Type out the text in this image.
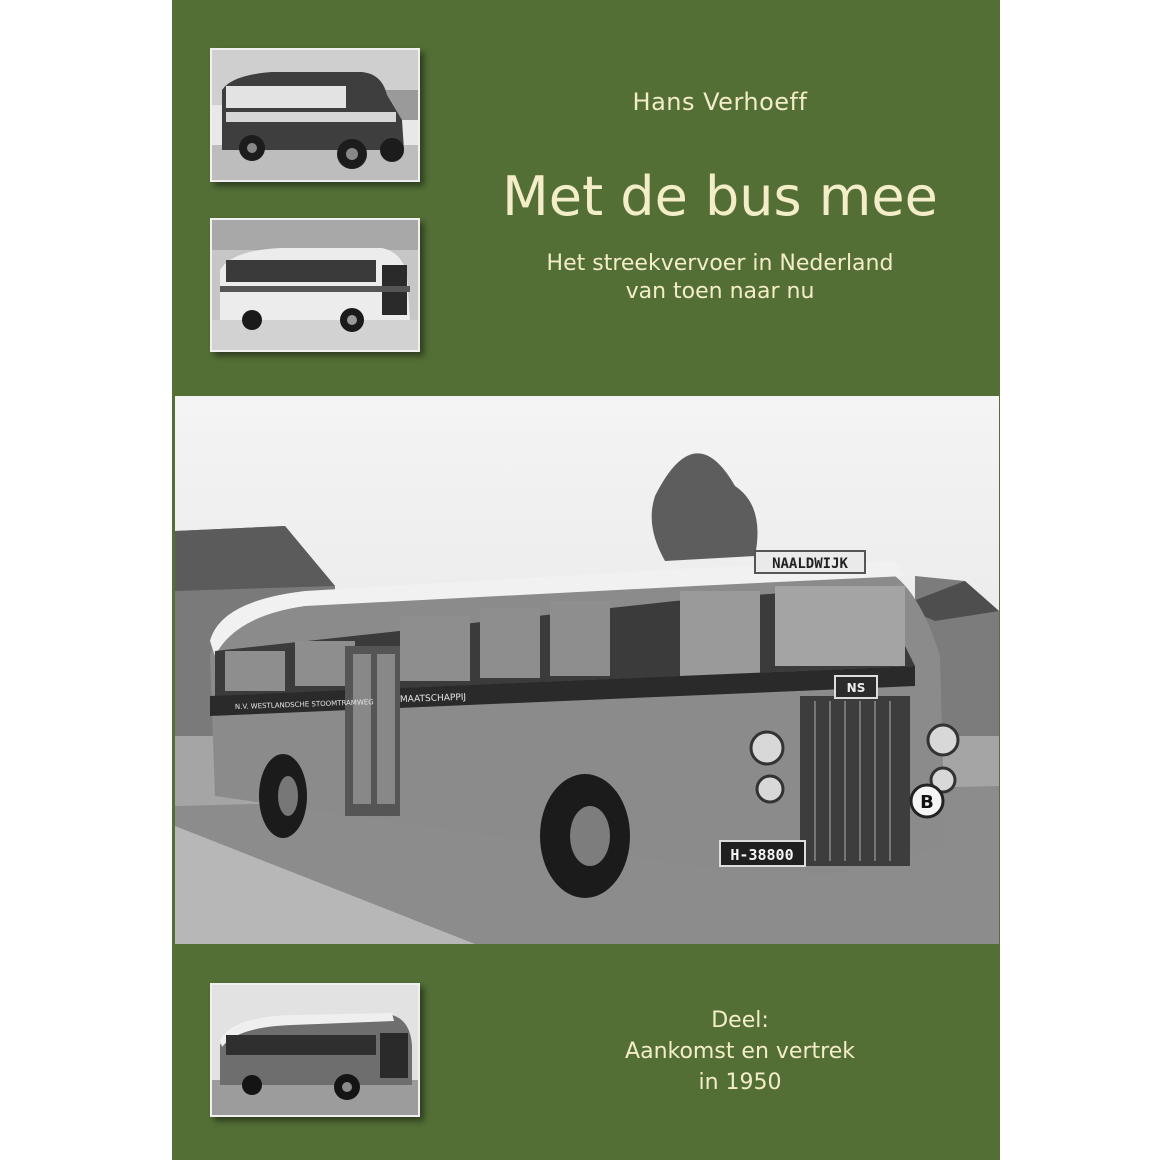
Hans Verhoeff
Met de bus mee
Het streekvervoer in Nederland
van toen naar nu
NAALDWIJK
H-38800
B
NS
N.V. WESTLANDSCHE STOOMTRAMWEG	MAATSCHAPPIJ
Deel:
Aankomst en vertrek
in 1950
